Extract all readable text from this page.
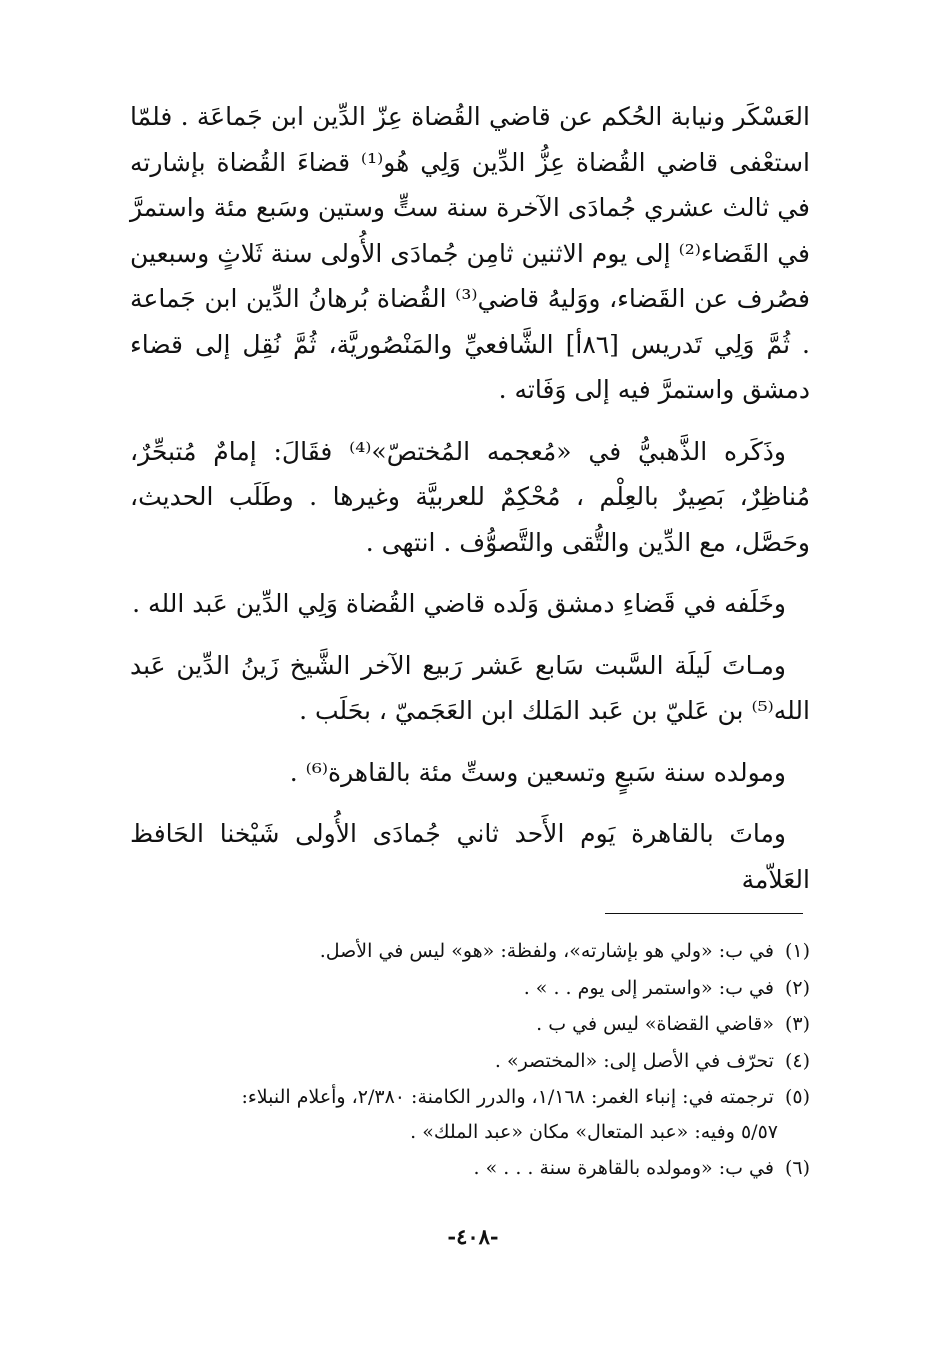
العَسْكَر ونيابة الحُكم عن قاضي القُضاة عِزّ الدِّين ابن جَماعَة . فلمّا استعْفى قاضي القُضاة عِزُّ الدِّين وَلِي هُو⁽¹⁾ قضاءَ القُضاة بإشارته في ثالث عشري جُمادَى الآخرة سنة ستٍّ وستين وسَبع مئة واستمرَّ في القَضاء⁽²⁾ إلى يوم الاثنين ثامِن جُمادَى الأُولى سنة ثَلاثٍ وسبعين فصُرف عن القَضاء، ووَليهُ قاضي⁽³⁾ القُضاة بُرهانُ الدِّين ابن جَماعة . ثُمَّ وَلِي تَدريس [٨٦أ] الشَّافعيِّ والمَنْصُوريَّة، ثُمَّ نُقِل إلى قضاء دمشق واستمرَّ فيه إلى وَفَاته .

وذَكَره الذَّهبيُّ في «مُعجمه المُختصّ»⁽⁴⁾ فقَالَ: إمامٌ مُتبحِّرٌ، مُناظِرٌ، بَصِيرٌ بالعِلْم ، مُحْكِمٌ للعربيَّة وغيرها . وطَلَب الحديث، وحَصَّل، مع الدِّين والتُّقى والتَّصوُّف . انتهى .

وخَلَفه في قَضاءِ دمشق وَلَده قاضي القُضاة وَلِي الدِّين عَبد الله .

ومـاتَ لَيلَة السَّبت سَابع عَشر رَبيع الآخر الشَّيخ زَينُ الدِّين عَبد الله⁽⁵⁾ بن عَليّ بن عَبد المَلك ابن العَجَميّ ، بحَلَب .

ومولده سنة سَبعٍ وتسعين وستِّ مئة بالقاهرة⁽⁶⁾ .

وماتَ بالقاهرة يَوم الأَحد ثاني جُمادَى الأُولى شَيْخنا الحَافظ العَلاّمة

(١) في ب: «ولي هو بإشارته»، ولفظة: «هو» ليس في الأصل.
(٢) في ب: «واستمر إلى يوم . . » .
(٣) «قاضي القضاة» ليس في ب .
(٤) تحرّف في الأصل إلى: «المختصر» .
(٥) ترجمته في: إنباء الغمر: ١/١٦٨، والدرر الكامنة: ٢/٣٨٠، وأعلام النبلاء:
٥/٥٧ وفيه: «عبد المتعال» مكان «عبد الملك» .
(٦) في ب: «ومولده بالقاهرة سنة . . . » .
-٤٠٨-
